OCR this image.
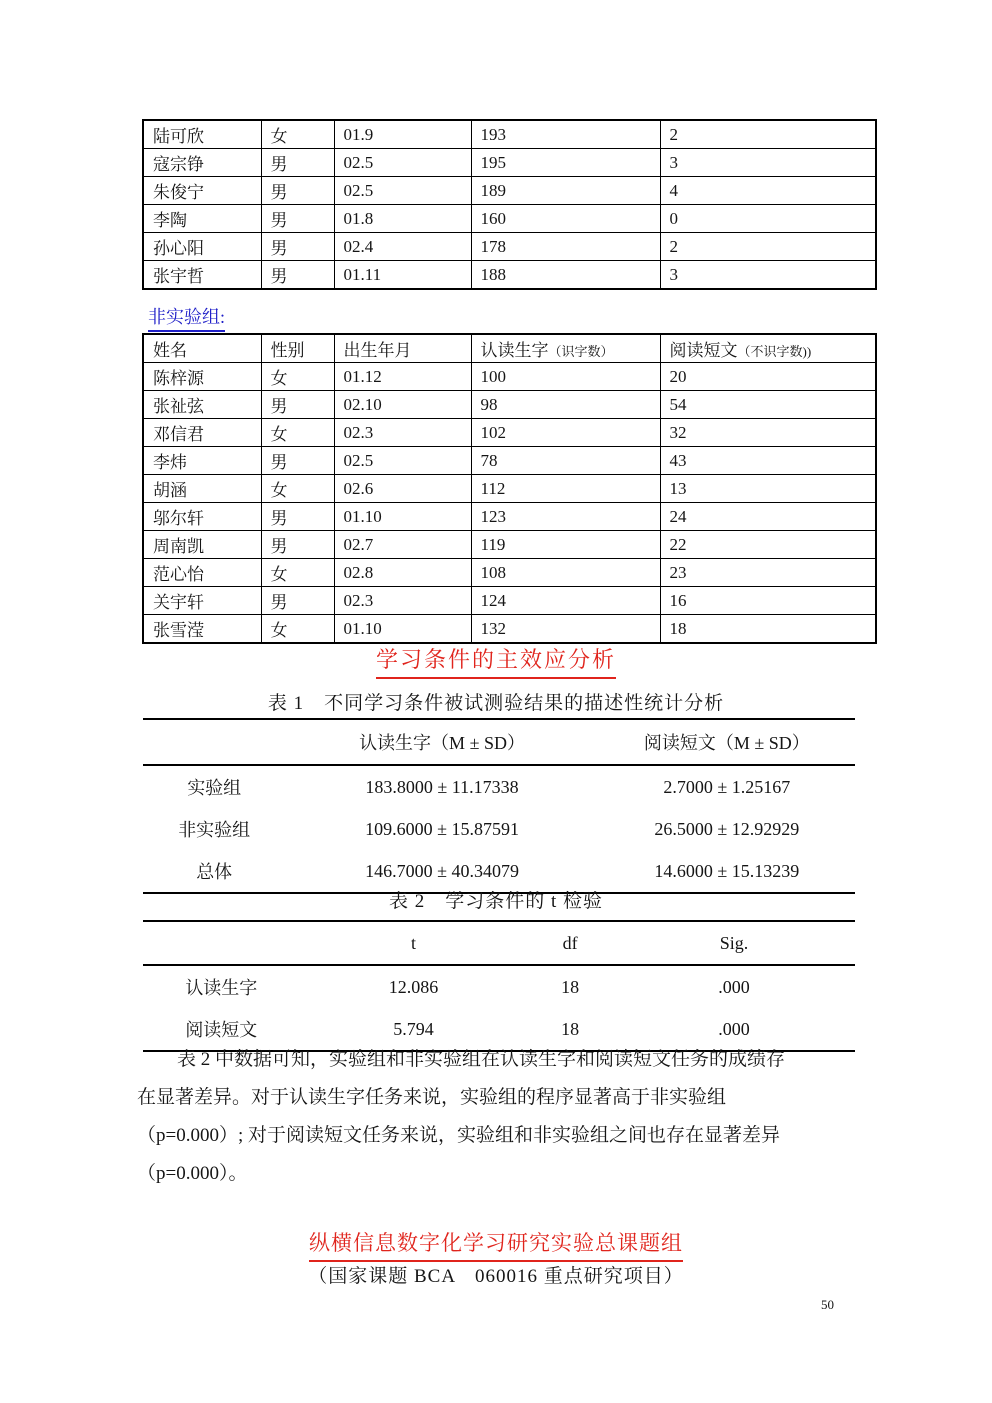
陆可欣	女	01.9	193	2
寇宗铮	男	02.5	195	3
朱俊宁	男	02.5	189	4
李陶	男	01.8	160	0
孙心阳	男	02.4	178	2
张宇哲	男	01.11	188	3
非实验组:
姓名	性别	出生年月	认读生字（识字数）	阅读短文（不识字数))
陈梓源	女	01.12	100	20
张祉弦	男	02.10	98	54
邓信君	女	02.3	102	32
李炜	男	02.5	78	43
胡涵	女	02.6	112	13
邬尔轩	男	01.10	123	24
周南凯	男	02.7	119	22
范心怡	女	02.8	108	23
关宇轩	男	02.3	124	16
张雪滢	女	01.10	132	18
学习条件的主效应分析
表 1　不同学习条件被试测验结果的描述性统计分析
	认读生字（M ± SD）	阅读短文（M ± SD）
实验组	183.8000 ± 11.17338	2.7000 ± 1.25167
非实验组	109.6000 ± 15.87591	26.5000 ± 12.92929
总体	146.7000 ± 40.34079	14.6000 ± 15.13239
表 2　学习条件的 t 检验
	t	df	Sig.
认读生字	12.086	18	.000
阅读短文	5.794	18	.000
表 2 中数据可知，实验组和非实验组在认读生字和阅读短文任务的成绩存
在显著差异。对于认读生字任务来说，实验组的程序显著高于非实验组
（p=0.000）; 对于阅读短文任务来说，实验组和非实验组之间也存在显著差异
（p=0.000）。
纵横信息数字化学习研究实验总课题组
（国家课题 BCA　060016 重点研究项目）
50
